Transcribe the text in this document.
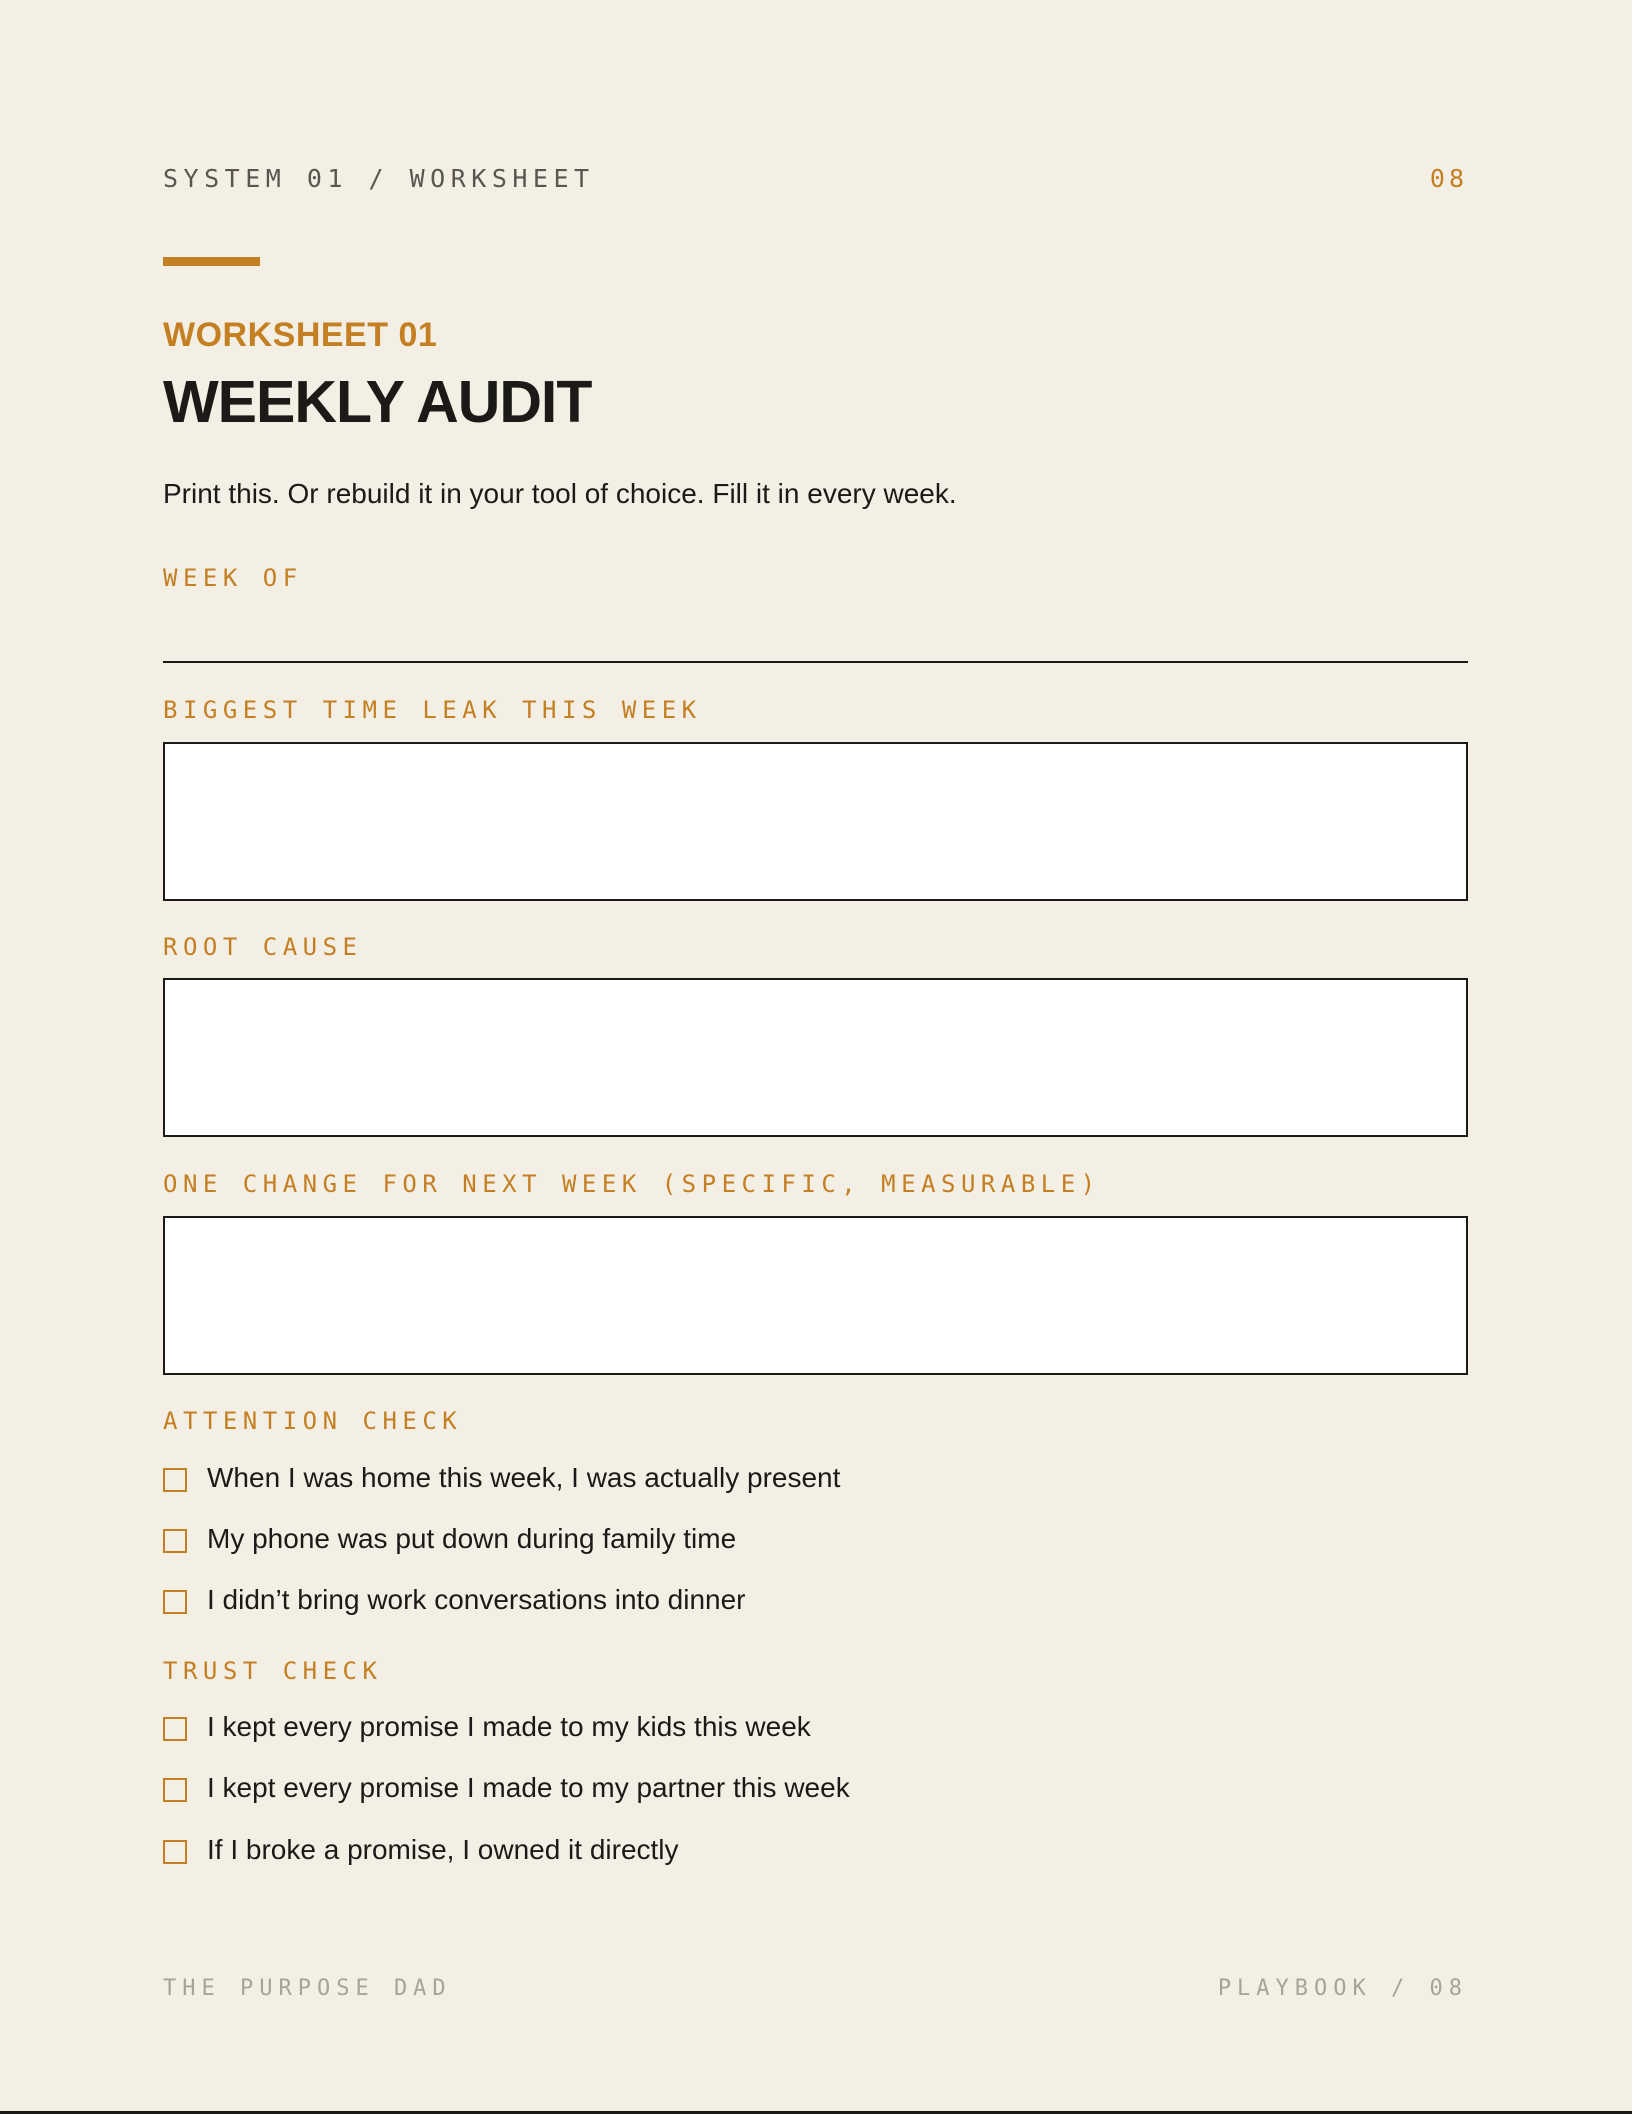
SYSTEM 01 / WORKSHEET	08
WORKSHEET 01
WEEKLY AUDIT
Print this. Or rebuild it in your tool of choice. Fill it in every week.
WEEK OF
BIGGEST TIME LEAK THIS WEEK
ROOT CAUSE
ONE CHANGE FOR NEXT WEEK (SPECIFIC, MEASURABLE)
ATTENTION CHECK
When I was home this week, I was actually present
My phone was put down during family time
I didn’t bring work conversations into dinner
TRUST CHECK
I kept every promise I made to my kids this week
I kept every promise I made to my partner this week
If I broke a promise, I owned it directly
THE PURPOSE DAD	PLAYBOOK / 08
